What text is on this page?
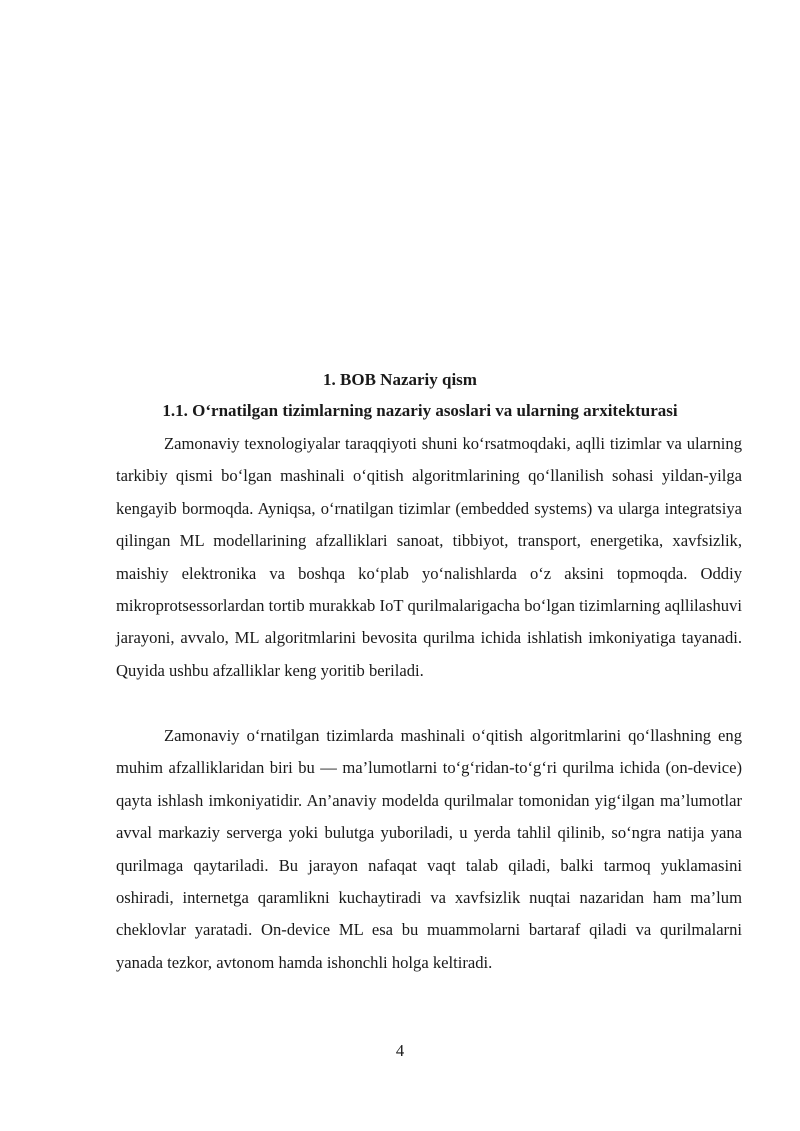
1. BOB Nazariy qism
1.1. O‘rnatilgan tizimlarning nazariy asoslari va ularning arxitekturasi

Zamonaviy texnologiyalar taraqqiyoti shuni ko‘rsatmoqdaki, aqlli tizimlar va ularning tarkibiy qismi bo‘lgan mashinali o‘qitish algoritmlarining qo‘llanilish sohasi yildan-yilga kengayib bormoqda. Ayniqsa, o‘rnatilgan tizimlar (embedded systems) va ularga integratsiya qilingan ML modellarining afzalliklari sanoat, tibbiyot, transport, energetika, xavfsizlik, maishiy elektronika va boshqa ko‘plab yo‘nalishlarda o‘z aksini topmoqda. Oddiy mikroprotsessorlardan tortib murakkab IoT qurilmalarigacha bo‘lgan tizimlarning aqllilashuvi jarayoni, avvalo, ML algoritmlarini bevosita qurilma ichida ishlatish imkoniyatiga tayanadi. Quyida ushbu afzalliklar keng yoritib beriladi.

Zamonaviy o‘rnatilgan tizimlarda mashinali o‘qitish algoritmlarini qo‘llashning eng muhim afzalliklaridan biri bu — ma’lumotlarni to‘g‘ridan-to‘g‘ri qurilma ichida (on-device) qayta ishlash imkoniyatidir. An’anaviy modelda qurilmalar tomonidan yig‘ilgan ma’lumotlar avval markaziy serverga yoki bulutga yuboriladi, u yerda tahlil qilinib, so‘ngra natija yana qurilmaga qaytariladi. Bu jarayon nafaqat vaqt talab qiladi, balki tarmoq yuklamasini oshiradi, internetga qaramlikni kuchaytiradi va xavfsizlik nuqtai nazaridan ham ma’lum cheklovlar yaratadi. On-device ML esa bu muammolarni bartaraf qiladi va qurilmalarni yanada tezkor, avtonom hamda ishonchli holga keltiradi.

4
